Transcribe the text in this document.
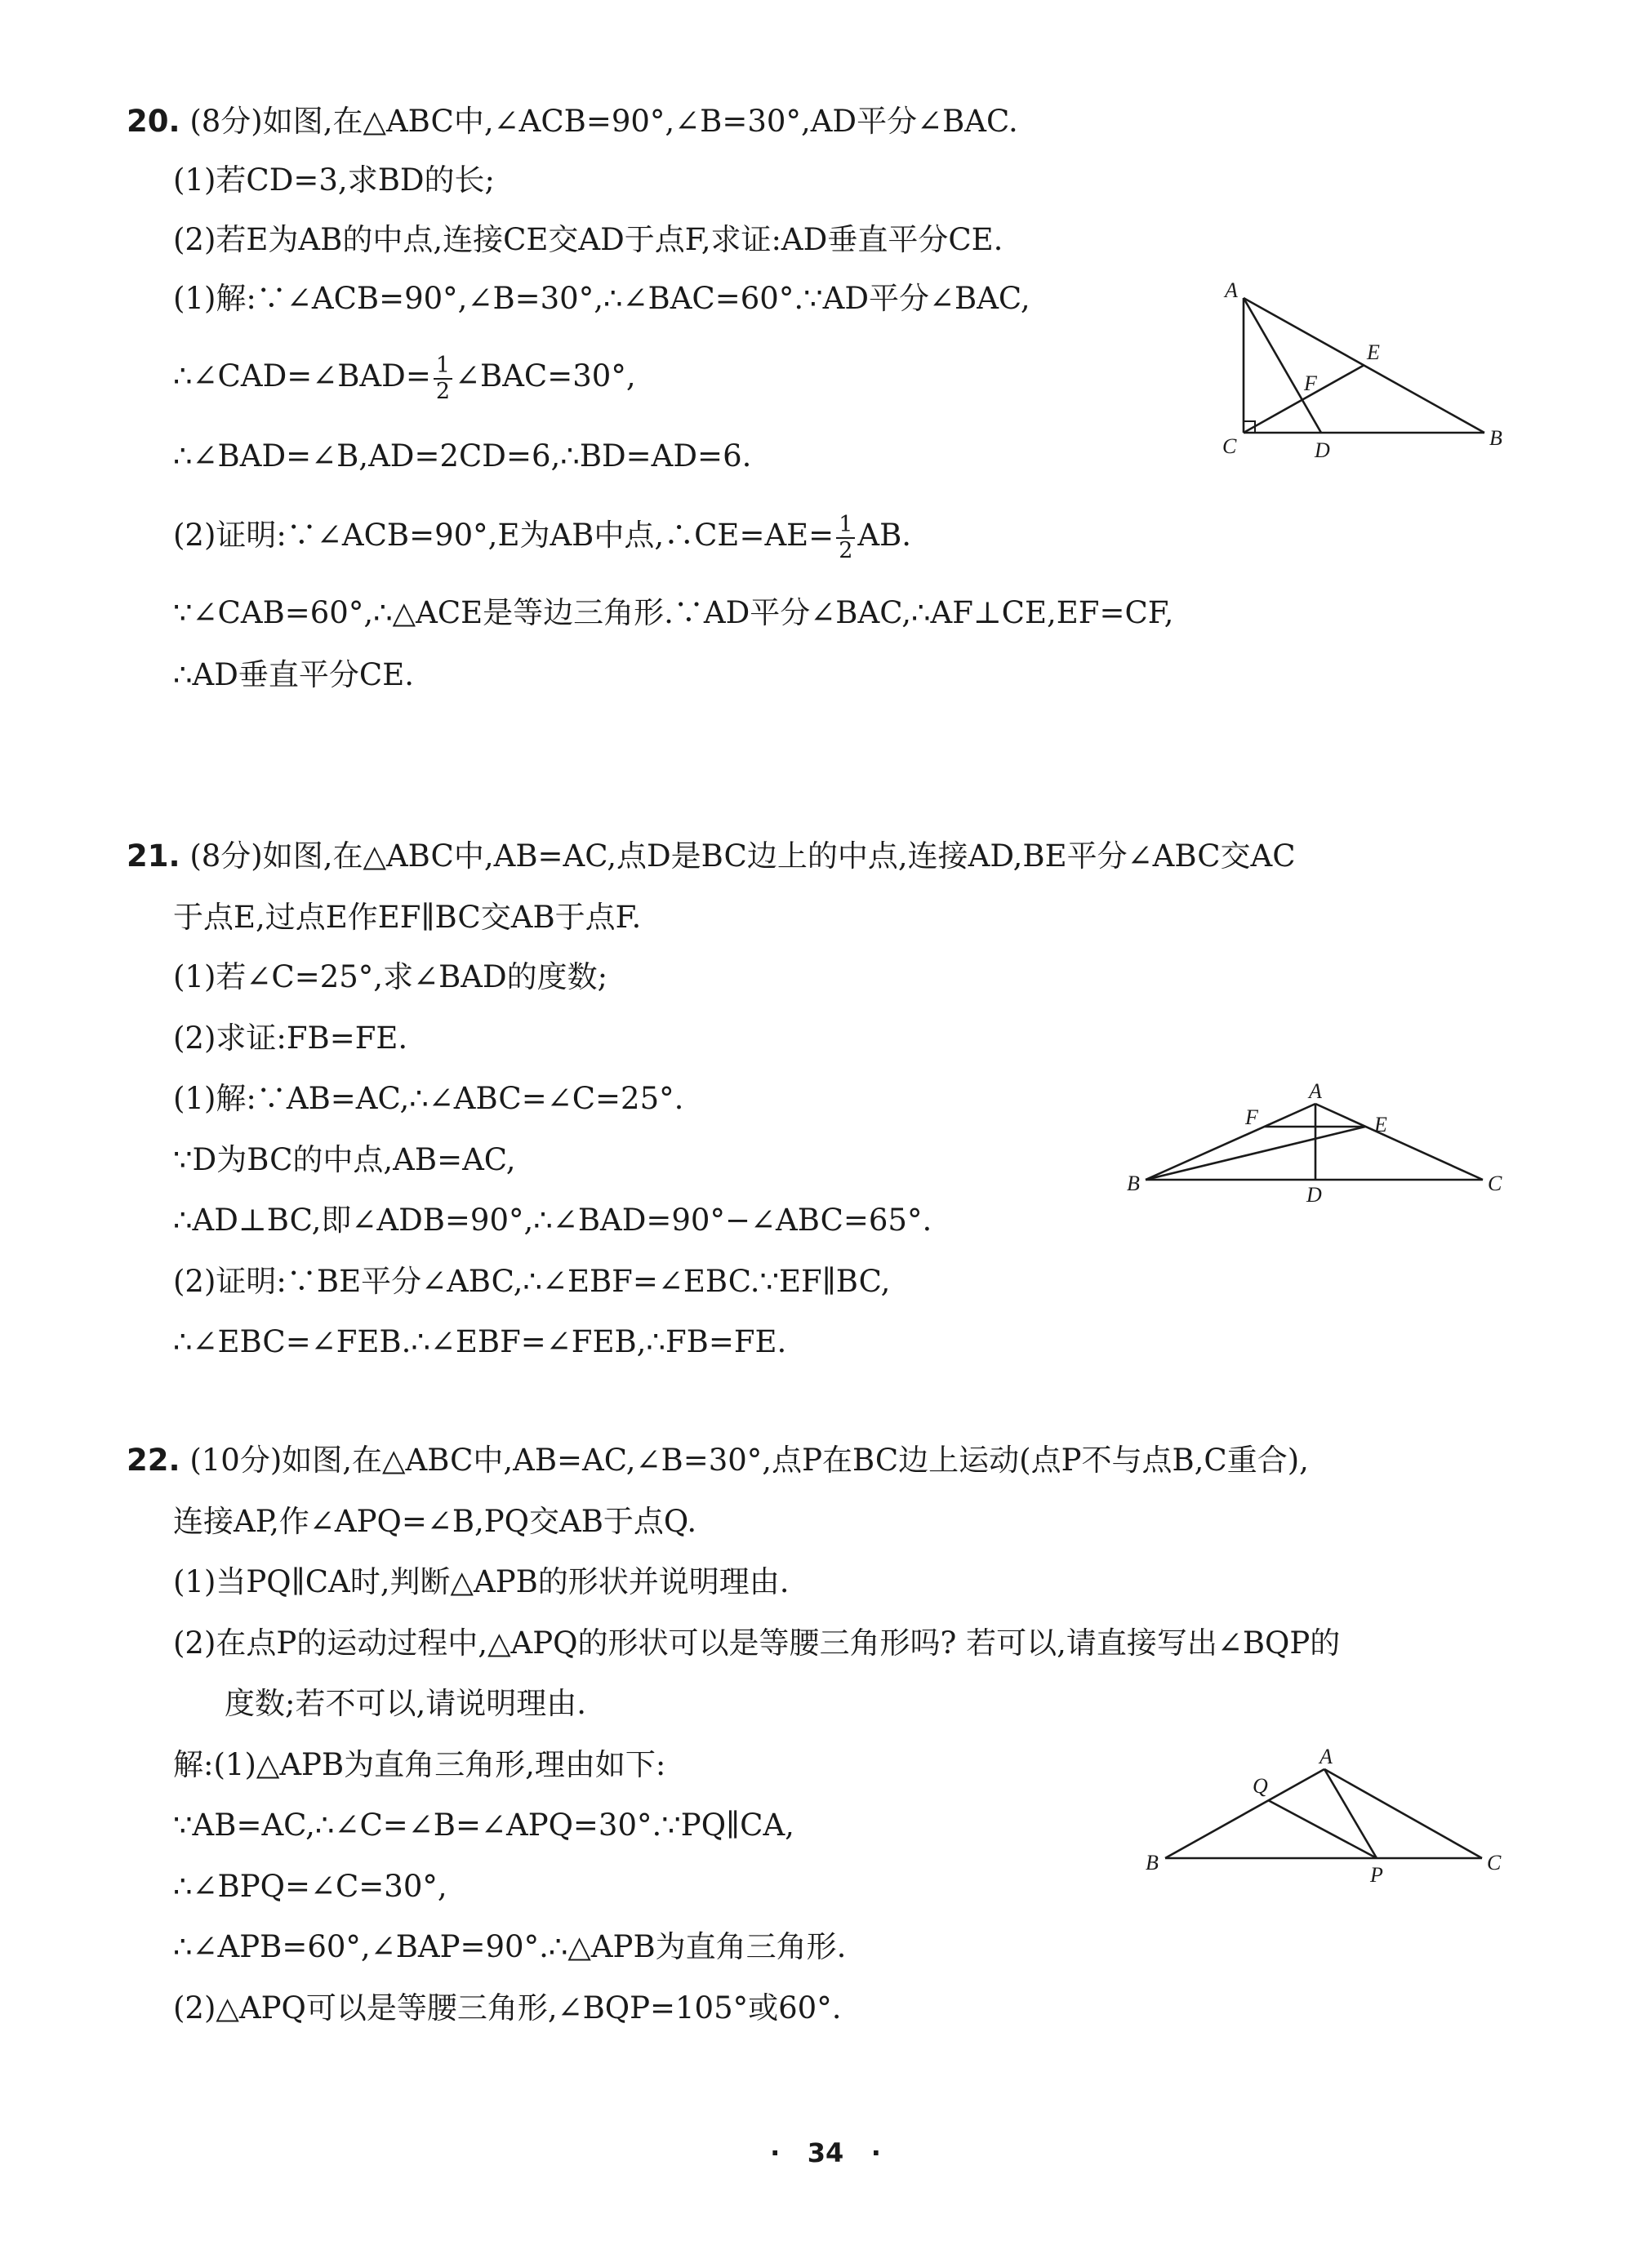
20. (8分)如图,在△ABC中,∠ACB=90°,∠B=30°,AD平分∠BAC.
(1)若CD=3,求BD的长;
(2)若E为AB的中点,连接CE交AD于点F,求证:AD垂直平分CE.
(1)解:∵∠ACB=90°,∠B=30°,∴∠BAC=60°.∵AD平分∠BAC,
∴∠CAD=∠BAD= $\frac{1}{2}$ ∠BAC=30°,
∴∠BAD=∠B,AD=2CD=6,∴BD=AD=6.
(2)证明:∵∠ACB=90°,E为AB中点,∴CE=AE= $\frac{1}{2}$ AB.
∵∠CAB=60°,∴△ACE是等边三角形.∵AD平分∠BAC,∴AF⊥CE,EF=CF,
∴AD垂直平分CE.
A
C	D
B
E
F
21. (8分)如图,在△ABC中,AB=AC,点D是BC边上的中点,连接AD,BE平分∠ABC交AC
于点E,过点E作EF∥BC交AB于点F.
(1)若∠C=25°,求∠BAD的度数;
(2)求证:FB=FE.
(1)解:∵AB=AC,∴∠ABC=∠C=25°.
∵D为BC的中点,AB=AC,
∴AD⊥BC,即∠ADB=90°,∴∠BAD=90°−∠ABC=65°.
(2)证明:∵BE平分∠ABC,∴∠EBF=∠EBC.∵EF∥BC,
∴∠EBC=∠FEB.∴∠EBF=∠FEB,∴FB=FE.
A
B	C
D
E
F
22. (10分)如图,在△ABC中,AB=AC,∠B=30°,点P在BC边上运动(点P不与点B,C重合),
连接AP,作∠APQ=∠B,PQ交AB于点Q.
(1)当PQ∥CA时,判断△APB的形状并说明理由.
(2)在点P的运动过程中,△APQ的形状可以是等腰三角形吗? 若可以,请直接写出∠BQP的
度数;若不可以,请说明理由.
解:(1)△APB为直角三角形,理由如下:
∵AB=AC,∴∠C=∠B=∠APQ=30°.∵PQ∥CA,
∴∠BPQ=∠C=30°,
∴∠APB=60°,∠BAP=90°.∴△APB为直角三角形.
(2)△APQ可以是等腰三角形,∠BQP=105°或60°.
A
B	C
P
Q
· 34 ·
